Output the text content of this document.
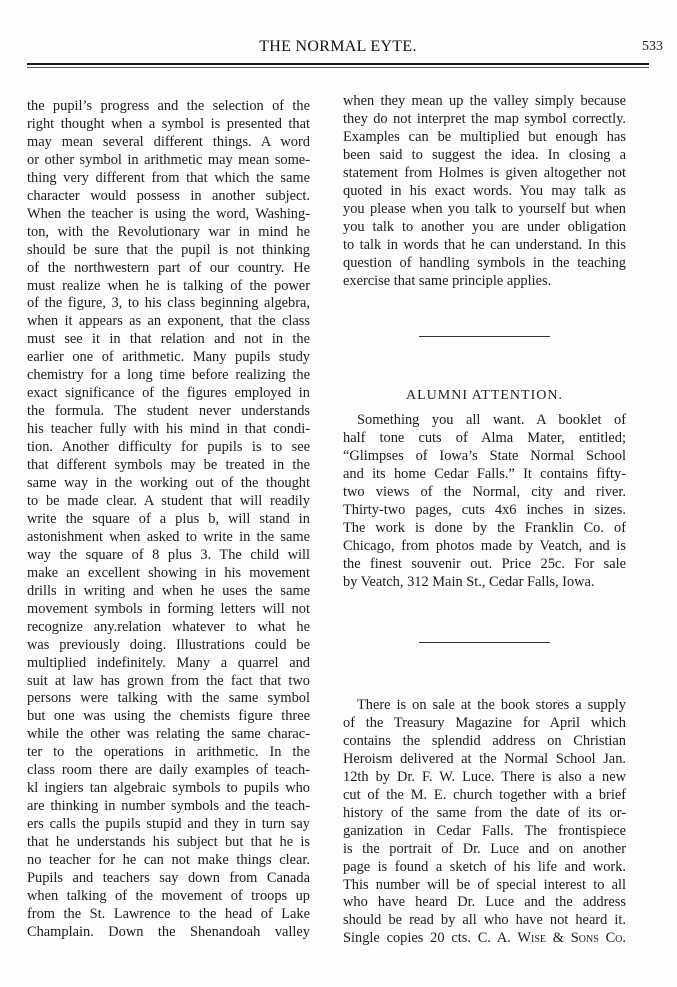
THE NORMAL EYTE.	533
the pupil’s progress and the selection of the
right thought when a symbol is presented that
may mean several different things. A word
or other symbol in arithmetic may mean some-
thing very different from that which the same
character would possess in another subject.
When the teacher is using the word, Washing-
ton, with the Revolutionary war in mind he
should be sure that the pupil is not thinking
of the northwestern part of our country. He
must realize when he is talking of the power
of the figure, 3, to his class beginning algebra,
when it appears as an exponent, that the class
must see it in that relation and not in the
earlier one of arithmetic. Many pupils study
chemistry for a long time before realizing the
exact significance of the figures employed in
the formula. The student never understands
his teacher fully with his mind in that condi-
tion. Another difficulty for pupils is to see
that different symbols may be treated in the
same way in the working out of the thought
to be made clear. A student that will readily
write the square of a plus b, will stand in
astonishment when asked to write in the same
way the square of 8 plus 3. The child will
make an excellent showing in his movement
drills in writing and when he uses the same
movement symbols in forming letters will not
recognize any.relation whatever to what he
was previously doing. Illustrations could be
multiplied indefinitely. Many a quarrel and
suit at law has grown from the fact that two
persons were talking with the same symbol
but one was using the chemists figure three
while the other was relating the same charac-
ter to the operations in arithmetic. In the
class room there are daily examples of teach-
kl ingiers tan algebraic symbols to pupils who
are thinking in number symbols and the teach-
ers calls the pupils stupid and they in turn say
that he understands his subject but that he is
no teacher for he can not make things clear.
Pupils and teachers say down from Canada
when talking of the movement of troops up
from the St. Lawrence to the head of Lake
Champlain. Down the Shenandoah valley
when they mean up the valley simply because
they do not interpret the map symbol correctly.
Examples can be multiplied but enough has
been said to suggest the idea. In closing a
statement from Holmes is given altogether not
quoted in his exact words. You may talk as
you please when you talk to yourself but when
you talk to another you are under obligation
to talk in words that he can understand. In this
question of handling symbols in the teaching
exercise that same principle applies.
ALUMNI ATTENTION.
Something you all want. A booklet of
half tone cuts of Alma Mater, entitled;
“Glimpses of Iowa’s State Normal School
and its home Cedar Falls.” It contains fifty-
two views of the Normal, city and river.
Thirty-two pages, cuts 4x6 inches in sizes.
The work is done by the Franklin Co. of
Chicago, from photos made by Veatch, and is
the finest souvenir out. Price 25c. For sale
by Veatch, 312 Main St., Cedar Falls, Iowa.
There is on sale at the book stores a supply
of the Treasury Magazine for April which
contains the splendid address on Christian
Heroism delivered at the Normal School Jan.
12th by Dr. F. W. Luce. There is also a new
cut of the M. E. church together with a brief
history of the same from the date of its or-
ganization in Cedar Falls. The frontispiece
is the portrait of Dr. Luce and on another
page is found a sketch of his life and work.
This number will be of special interest to all
who have heard Dr. Luce and the address
should be read by all who have not heard it.
Single copies 20 cts. C. A. Wise & Sons Co.
